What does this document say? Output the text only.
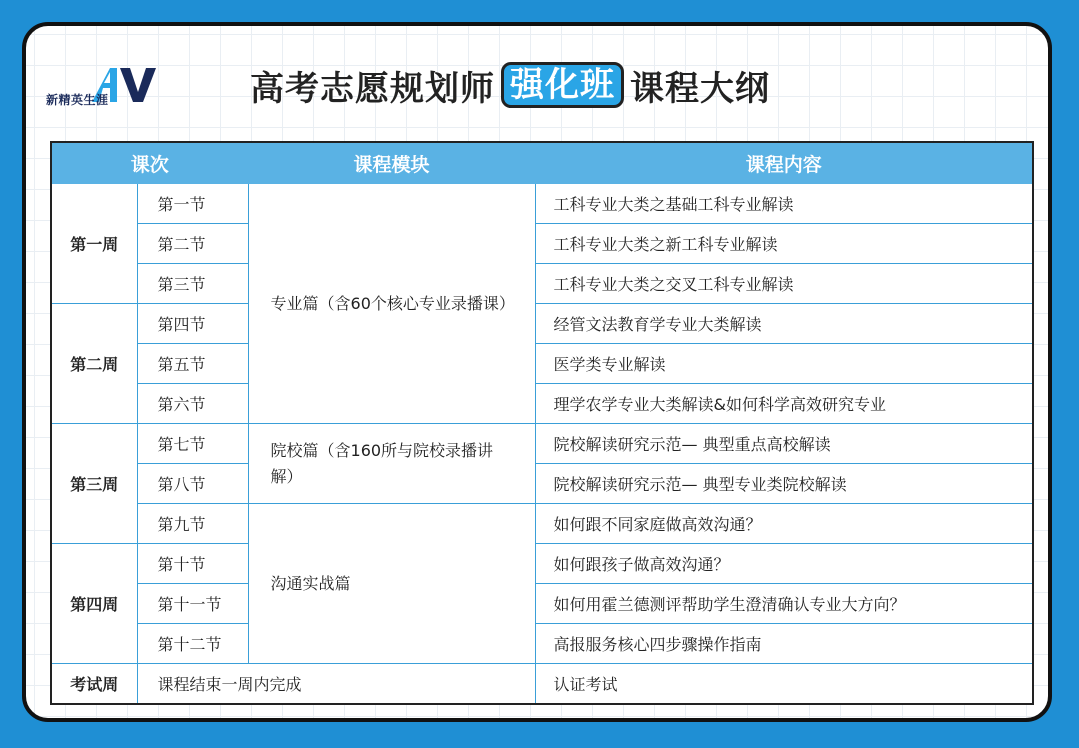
新精英生涯	高考志愿规划师 强化班 课程大纲
课次		课程模块	课程内容
第一周	第一节	专业篇（含60个核心专业录播课）	工科专业大类之基础工科专业解读
	第二节		工科专业大类之新工科专业解读
	第三节		工科专业大类之交叉工科专业解读
第二周	第四节		经管文法教育学专业大类解读
	第五节		医学类专业解读
	第六节		理学农学专业大类解读&如何科学高效研究专业
第三周	第七节	院校篇（含160所与院校录播讲解）	院校解读研究示范— 典型重点高校解读
	第八节		院校解读研究示范— 典型专业类院校解读
	第九节	沟通实战篇	如何跟不同家庭做高效沟通？
第四周	第十节		如何跟孩子做高效沟通？
	第十一节		如何用霍兰德测评帮助学生澄清确认专业大方向？
	第十二节		高报服务核心四步骤操作指南
考试周	课程结束一周内完成		认证考试
